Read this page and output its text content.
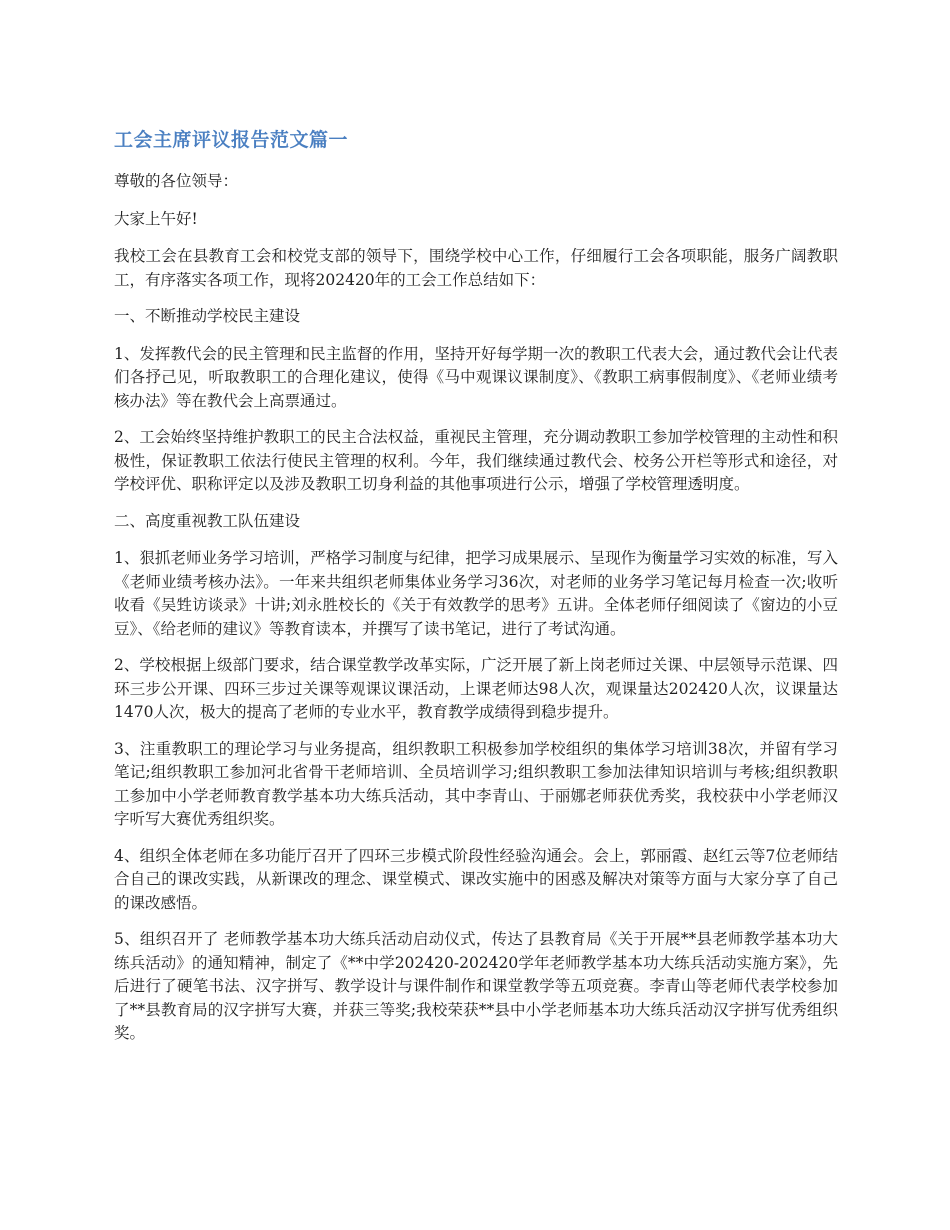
工会主席评议报告范文篇一

尊敬的各位领导：

大家上午好!

我校工会在县教育工会和校党支部的领导下，围绕学校中心工作，仔细履行工会各项职能，服务广阔教职工，有序落实各项工作，现将202420年的工会工作总结如下：

一、不断推动学校民主建设

1、发挥教代会的民主管理和民主监督的作用，坚持开好每学期一次的教职工代表大会，通过教代会让代表们各抒己见，听取教职工的合理化建议，使得《马中观课议课制度》、《教职工病事假制度》、《老师业绩考核办法》等在教代会上高票通过。

2、工会始终坚持维护教职工的民主合法权益，重视民主管理，充分调动教职工参加学校管理的主动性和积极性，保证教职工依法行使民主管理的权利。今年，我们继续通过教代会、校务公开栏等形式和途径，对学校评优、职称评定以及涉及教职工切身利益的其他事项进行公示，增强了学校管理透明度。

二、高度重视教工队伍建设

1、狠抓老师业务学习培训，严格学习制度与纪律，把学习成果展示、呈现作为衡量学习实效的标准，写入《老师业绩考核办法》。一年来共组织老师集体业务学习36次，对老师的业务学习笔记每月检查一次;收听收看《吴甡访谈录》十讲;刘永胜校长的《关于有效教学的思考》五讲。全体老师仔细阅读了《窗边的小豆豆》、《给老师的建议》等教育读本，并撰写了读书笔记，进行了考试沟通。

2、学校根据上级部门要求，结合课堂教学改革实际，广泛开展了新上岗老师过关课、中层领导示范课、四环三步公开课、四环三步过关课等观课议课活动，上课老师达98人次，观课量达202420人次，议课量达1470人次，极大的提高了老师的专业水平，教育教学成绩得到稳步提升。

3、注重教职工的理论学习与业务提高，组织教职工积极参加学校组织的集体学习培训38次，并留有学习笔记;组织教职工参加河北省骨干老师培训、全员培训学习;组织教职工参加法律知识培训与考核;组织教职工参加中小学老师教育教学基本功大练兵活动，其中李青山、于丽娜老师获优秀奖，我校获中小学老师汉字听写大赛优秀组织奖。

4、组织全体老师在多功能厅召开了四环三步模式阶段性经验沟通会。会上，郭丽霞、赵红云等7位老师结合自己的课改实践，从新课改的理念、课堂模式、课改实施中的困惑及解决对策等方面与大家分享了自己的课改感悟。

5、组织召开了 老师教学基本功大练兵活动启动仪式，传达了县教育局《关于开展**县老师教学基本功大练兵活动》的通知精神，制定了《**中学202420-202420学年老师教学基本功大练兵活动实施方案》，先后进行了硬笔书法、汉字拼写、教学设计与课件制作和课堂教学等五项竞赛。李青山等老师代表学校参加了**县教育局的汉字拼写大赛，并获三等奖;我校荣获**县中小学老师基本功大练兵活动汉字拼写优秀组织奖。
